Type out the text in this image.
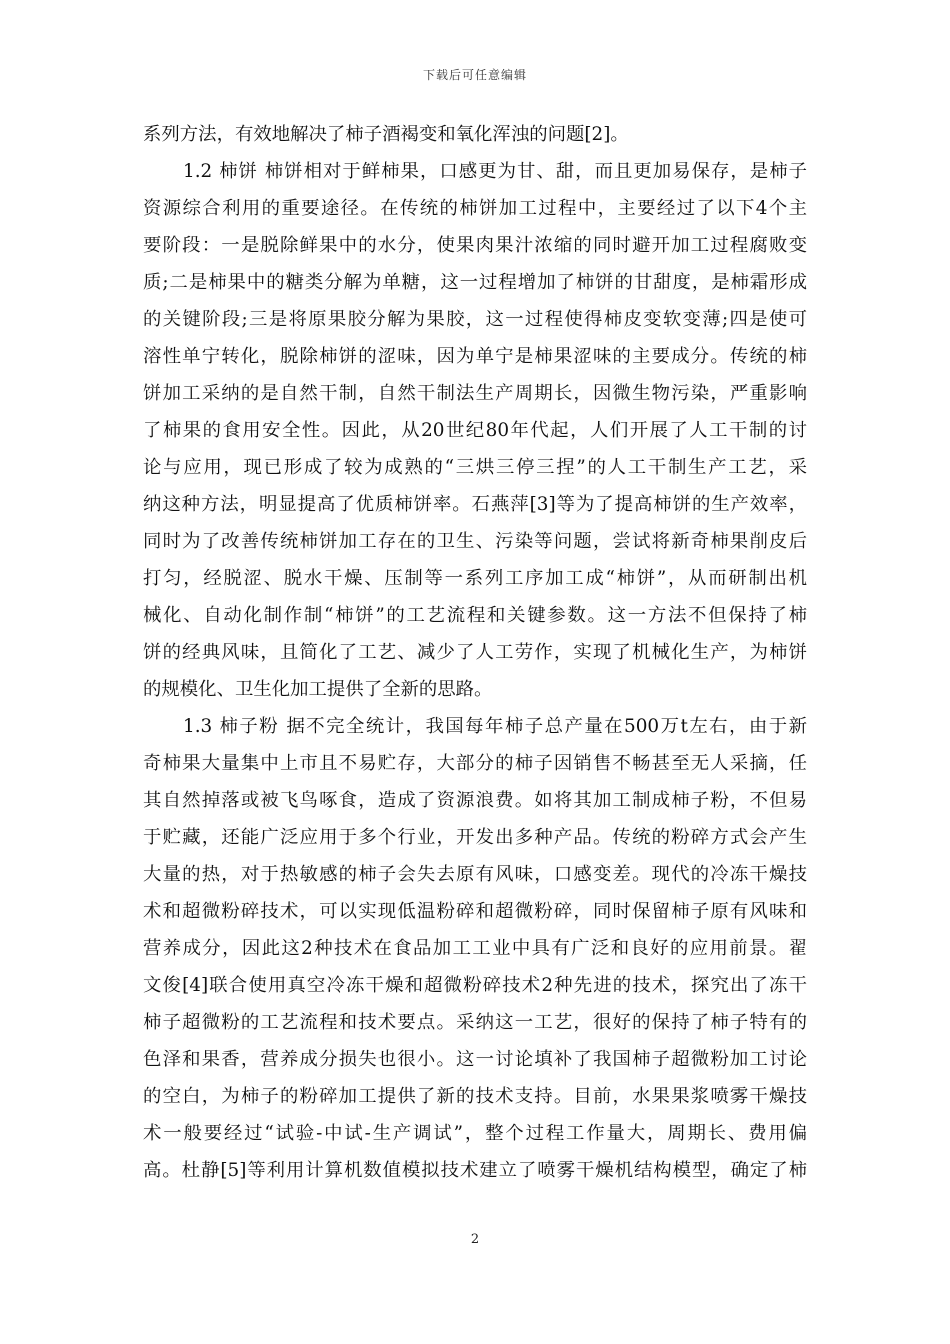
下载后可任意编辑
系列方法，有效地解决了柿子酒褐变和氧化浑浊的问题[2]。
1.2 柿饼 柿饼相对于鲜柿果，口感更为甘、甜，而且更加易保存，是柿子
资源综合利用的重要途径。在传统的柿饼加工过程中，主要经过了以下4个主
要阶段：一是脱除鲜果中的水分，使果肉果汁浓缩的同时避开加工过程腐败变
质;二是柿果中的糖类分解为单糖，这一过程增加了柿饼的甘甜度，是柿霜形成
的关键阶段;三是将原果胶分解为果胶，这一过程使得柿皮变软变薄;四是使可
溶性单宁转化，脱除柿饼的涩味，因为单宁是柿果涩味的主要成分。传统的柿
饼加工采纳的是自然干制，自然干制法生产周期长，因微生物污染，严重影响
了柿果的食用安全性。因此，从20世纪80年代起，人们开展了人工干制的讨
论与应用，现已形成了较为成熟的“三烘三停三捏”的人工干制生产工艺，采
纳这种方法，明显提高了优质柿饼率。石燕萍[3]等为了提高柿饼的生产效率，
同时为了改善传统柿饼加工存在的卫生、污染等问题，尝试将新奇柿果削皮后
打匀，经脱涩、脱水干燥、压制等一系列工序加工成“柿饼”，从而研制出机
械化、自动化制作制“柿饼”的工艺流程和关键参数。这一方法不但保持了柿
饼的经典风味，且简化了工艺、减少了人工劳作，实现了机械化生产，为柿饼
的规模化、卫生化加工提供了全新的思路。
1.3 柿子粉 据不完全统计，我国每年柿子总产量在500万t左右，由于新
奇柿果大量集中上市且不易贮存，大部分的柿子因销售不畅甚至无人采摘，任
其自然掉落或被飞鸟啄食，造成了资源浪费。如将其加工制成柿子粉，不但易
于贮藏，还能广泛应用于多个行业，开发出多种产品。传统的粉碎方式会产生
大量的热，对于热敏感的柿子会失去原有风味，口感变差。现代的冷冻干燥技
术和超微粉碎技术，可以实现低温粉碎和超微粉碎，同时保留柿子原有风味和
营养成分，因此这2种技术在食品加工工业中具有广泛和良好的应用前景。翟
文俊[4]联合使用真空冷冻干燥和超微粉碎技术2种先进的技术，探究出了冻干
柿子超微粉的工艺流程和技术要点。采纳这一工艺，很好的保持了柿子特有的
色泽和果香，营养成分损失也很小。这一讨论填补了我国柿子超微粉加工讨论
的空白，为柿子的粉碎加工提供了新的技术支持。目前，水果果浆喷雾干燥技
术一般要经过“试验-中试-生产调试”，整个过程工作量大，周期长、费用偏
高。杜静[5]等利用计算机数值模拟技术建立了喷雾干燥机结构模型，确定了柿
2
